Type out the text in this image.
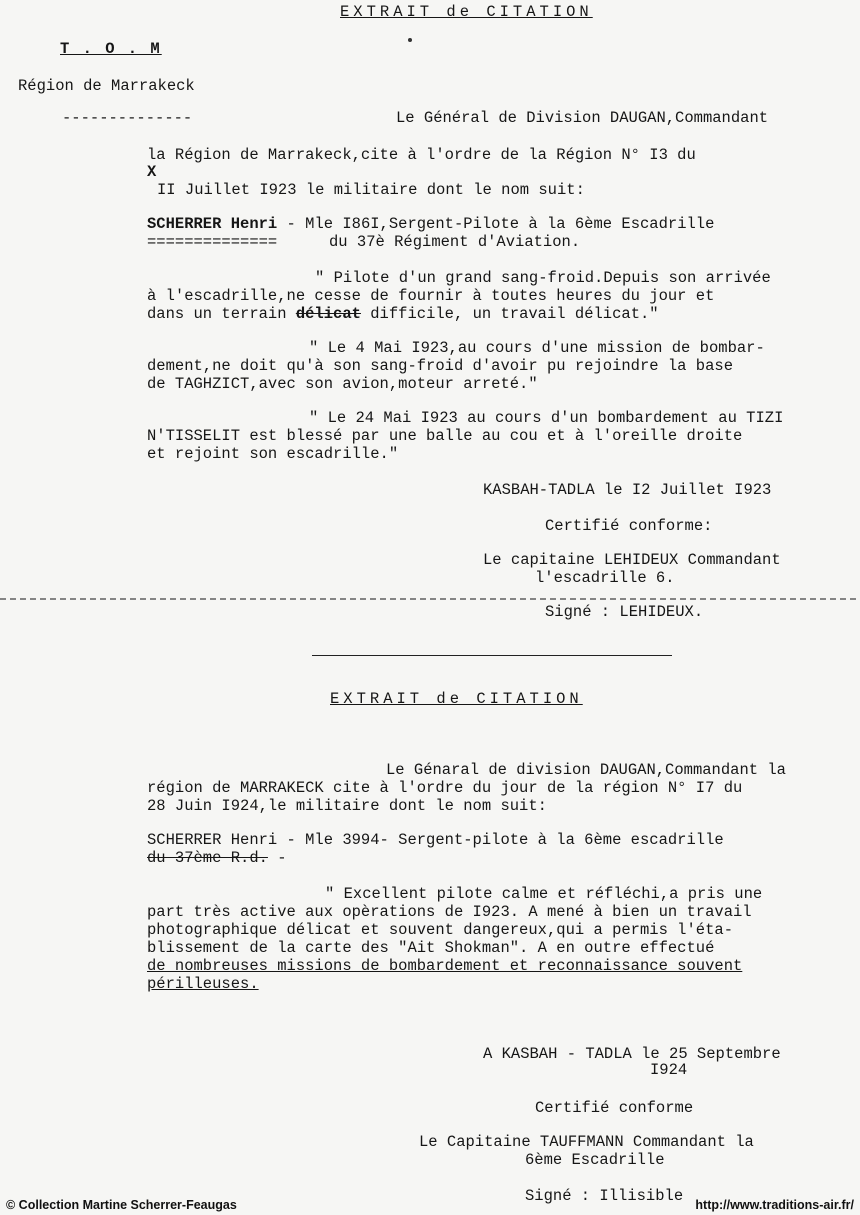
EXTRAIT de CITATION
T . O . M
Région de Marrakeck
--------------	Le Général de Division DAUGAN,Commandant
la Région de Marrakeck,cite à l'ordre de la Région N° I3 du
X
II Juillet I923 le militaire dont le nom suit:
SCHERRER Henri - Mle I86I,Sergent-Pilote à la 6ème Escadrille
==============	du 37è Régiment d'Aviation.
" Pilote d'un grand sang-froid.Depuis son arrivée
à l'escadrille,ne cesse de fournir à toutes heures du jour et
dans un terrain délicat difficile, un travail délicat."
" Le 4 Mai I923,au cours d'une mission de bombar-
dement,ne doit qu'à son sang-froid d'avoir pu rejoindre la base
de TAGHZICT,avec son avion,moteur arreté."
" Le 24 Mai I923 au cours d'un bombardement au TIZI
N'TISSELIT est blessé par une balle au cou et à l'oreille droite
et rejoint son escadrille."
KASBAH-TADLA le I2 Juillet I923
Certifié conforme:
Le capitaine LEHIDEUX Commandant
l'escadrille 6.
Signé : LEHIDEUX.
EXTRAIT de CITATION
Le Génaral de division DAUGAN,Commandant la
région de MARRAKECK cite à l'ordre du jour de la région N° I7 du
28 Juin I924,le militaire dont le nom suit:
SCHERRER Henri - Mle 3994- Sergent-pilote à la 6ème escadrille
du 37ème R.d. -
" Excellent pilote calme et réfléchi,a pris une
part très active aux opèrations de I923. A mené à bien un travail
photographique délicat et souvent dangereux,qui a permis l'éta-
blissement de la carte des "Ait Shokman". A en outre effectué
de nombreuses missions de bombardement et reconnaissance souvent
périlleuses.
A KASBAH - TADLA le 25 Septembre
I924
Certifié conforme
Le Capitaine TAUFFMANN Commandant la
6ème Escadrille
Signé : Illisible
© Collection Martine Scherrer-Feaugas	http://www.traditions-air.fr/
